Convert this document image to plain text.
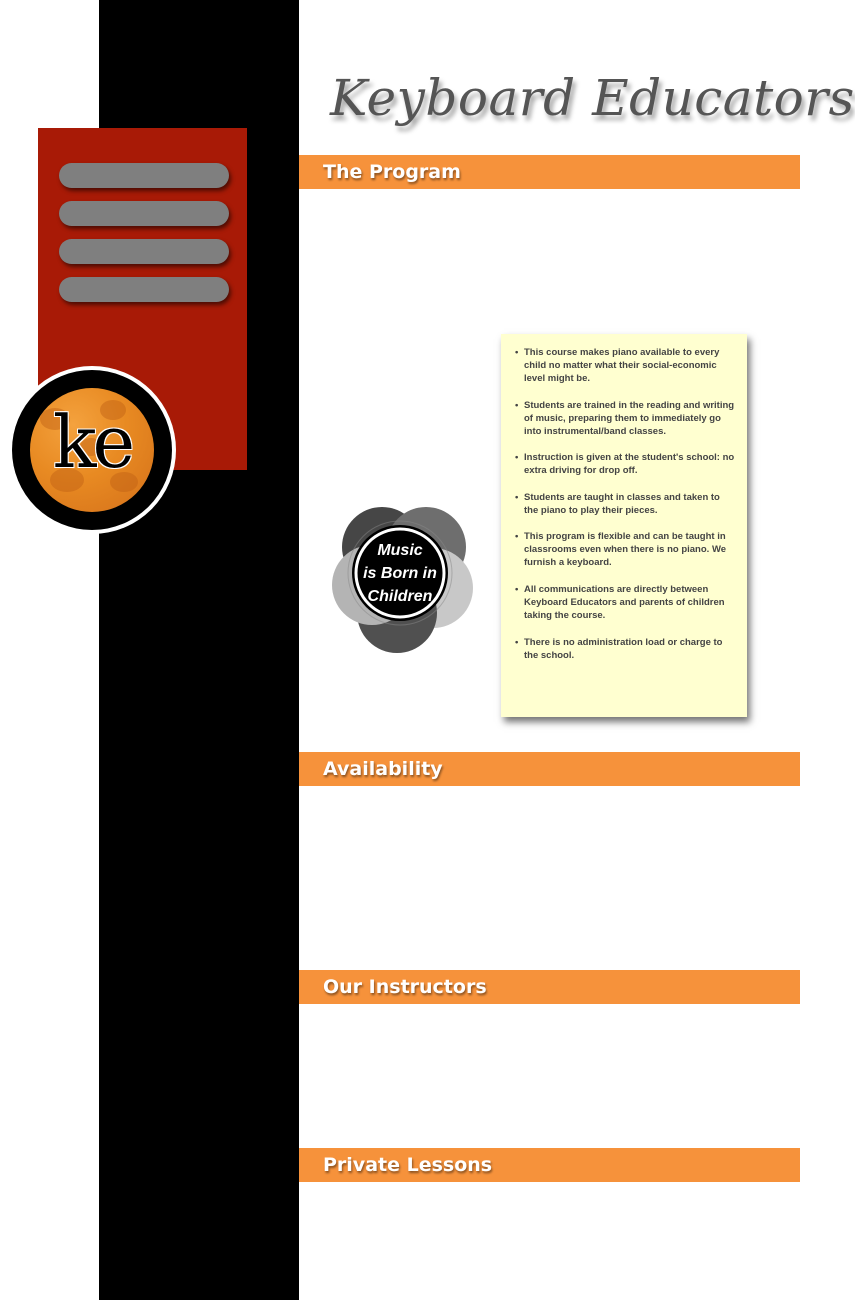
ke
Keyboard Educators
The Program
Availability
Our Instructors
Private Lessons
Music
is Born in
Children
• This course makes piano available to every child no matter what their social-economic level might be.
• Students are trained in the reading and writing of music, preparing them to immediately go into instrumental/band classes.
• Instruction is given at the student's school: no extra driving for drop off.
• Students are taught in classes and taken to the piano to play their pieces.
• This program is flexible and can be taught in classrooms even when there is no piano. We furnish a keyboard.
• All communications are directly between Keyboard Educators and parents of children taking the course.
• There is no administration load or charge to the school.
